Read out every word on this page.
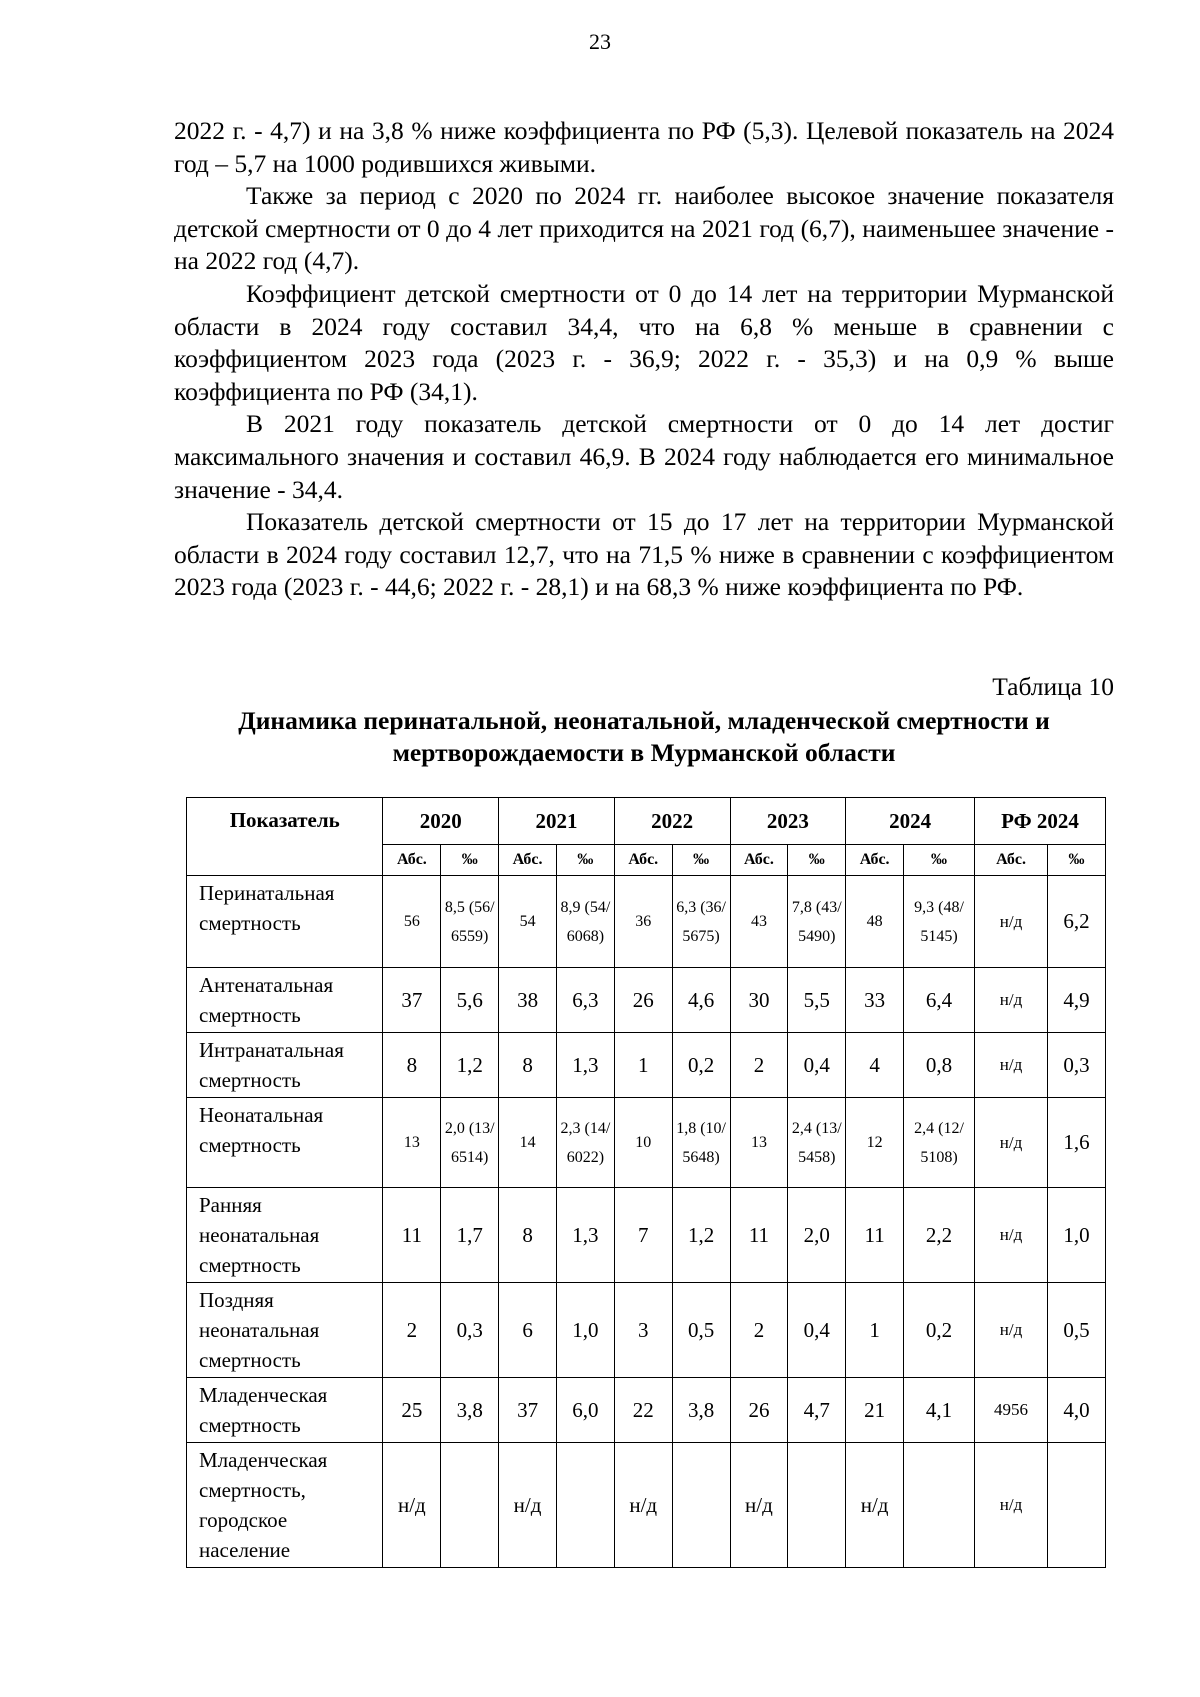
23

2022 г. - 4,7) и на 3,8 % ниже коэффициента по РФ (5,3). Целевой показатель на 2024 год – 5,7 на 1000 родившихся живыми.

Также за период с 2020 по 2024 гг. наиболее высокое значение показателя детской смертности от 0 до 4 лет приходится на 2021 год (6,7), наименьшее значение - на 2022 год (4,7).

Коэффициент детской смертности от 0 до 14 лет на территории Мурманской области в 2024 году составил 34,4, что на 6,8 % меньше в сравнении с коэффициентом 2023 года (2023 г. - 36,9; 2022 г. - 35,3) и на 0,9 % выше коэффициента по РФ (34,1).

В 2021 году показатель детской смертности от 0 до 14 лет достиг максимального значения и составил 46,9. В 2024 году наблюдается его минимальное значение - 34,4.

Показатель детской смертности от 15 до 17 лет на территории Мурманской области в 2024 году составил 12,7, что на 71,5 % ниже в сравнении с коэффициентом 2023 года (2023 г. - 44,6; 2022 г. - 28,1) и на 68,3 % ниже коэффициента по РФ.

Таблица 10
Динамика перинатальной, неонатальной, младенческой смертности и мертворождаемости в Мурманской области
Показатель	2020		2021		2022		2023		2024		РФ 2024	
	Абс.	‰	Абс.	‰	Абс.	‰	Абс.	‰	Абс.	‰	Абс.	‰
Перинатальная смертность	56	8,5 (56/ 6559)	54	8,9 (54/ 6068)	36	6,3 (36/ 5675)	43	7,8 (43/ 5490)	48	9,3 (48/ 5145)	н/д	6,2
Антенатальная смертность	37	5,6	38	6,3	26	4,6	30	5,5	33	6,4	н/д	4,9
Интранатальная смертность	8	1,2	8	1,3	1	0,2	2	0,4	4	0,8	н/д	0,3
Неонатальная смертность	13	2,0 (13/ 6514)	14	2,3 (14/ 6022)	10	1,8 (10/ 5648)	13	2,4 (13/ 5458)	12	2,4 (12/ 5108)	н/д	1,6
Ранняя неонатальная смертность	11	1,7	8	1,3	7	1,2	11	2,0	11	2,2	н/д	1,0
Поздняя неонатальная смертность	2	0,3	6	1,0	3	0,5	2	0,4	1	0,2	н/д	0,5
Младенческая смертность	25	3,8	37	6,0	22	3,8	26	4,7	21	4,1	4956	4,0
Младенческая смертность, городское население	н/д		н/д		н/д		н/д		н/д		н/д	
